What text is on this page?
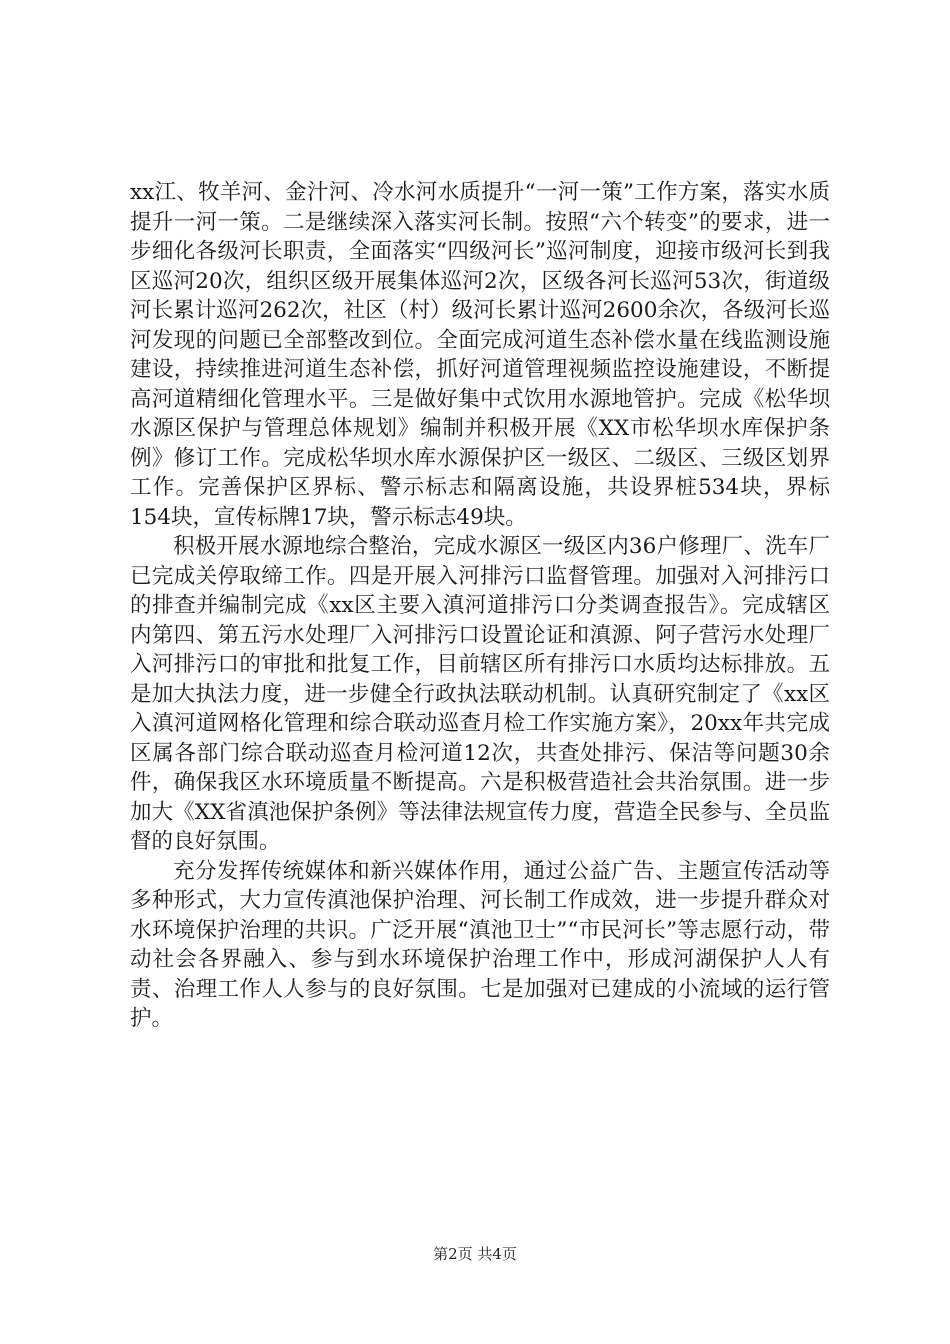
xx江、牧羊河、金汁河、冷水河水质提升“一河一策”工作方案，落实水质提升一河一策。二是继续深入落实河长制。按照“六个转变”的要求，进一步细化各级河长职责，全面落实“四级河长”巡河制度，迎接市级河长到我区巡河20次，组织区级开展集体巡河2次，区级各河长巡河53次，街道级河长累计巡河262次，社区（村）级河长累计巡河2600余次，各级河长巡河发现的问题已全部整改到位。全面完成河道生态补偿水量在线监测设施建设，持续推进河道生态补偿，抓好河道管理视频监控设施建设，不断提高河道精细化管理水平。三是做好集中式饮用水源地管护。完成《松华坝水源区保护与管理总体规划》编制并积极开展《XX市松华坝水库保护条例》修订工作。完成松华坝水库水源保护区一级区、二级区、三级区划界工作。完善保护区界标、警示标志和隔离设施，共设界桩534块，界标154块，宣传标牌17块，警示标志49块。

积极开展水源地综合整治，完成水源区一级区内36户修理厂、洗车厂已完成关停取缔工作。四是开展入河排污口监督管理。加强对入河排污口的排查并编制完成《xx区主要入滇河道排污口分类调查报告》。完成辖区内第四、第五污水处理厂入河排污口设置论证和滇源、阿子营污水处理厂入河排污口的审批和批复工作，目前辖区所有排污口水质均达标排放。五是加大执法力度，进一步健全行政执法联动机制。认真研究制定了《xx区入滇河道网格化管理和综合联动巡查月检工作实施方案》，20xx年共完成区属各部门综合联动巡查月检河道12次，共查处排污、保洁等问题30余件，确保我区水环境质量不断提高。六是积极营造社会共治氛围。进一步加大《XX省滇池保护条例》等法律法规宣传力度，营造全民参与、全员监督的良好氛围。

充分发挥传统媒体和新兴媒体作用，通过公益广告、主题宣传活动等多种形式，大力宣传滇池保护治理、河长制工作成效，进一步提升群众对水环境保护治理的共识。广泛开展“滇池卫士”“市民河长”等志愿行动，带动社会各界融入、参与到水环境保护治理工作中，形成河湖保护人人有责、治理工作人人参与的良好氛围。七是加强对已建成的小流域的运行管护。

第2页 共4页
